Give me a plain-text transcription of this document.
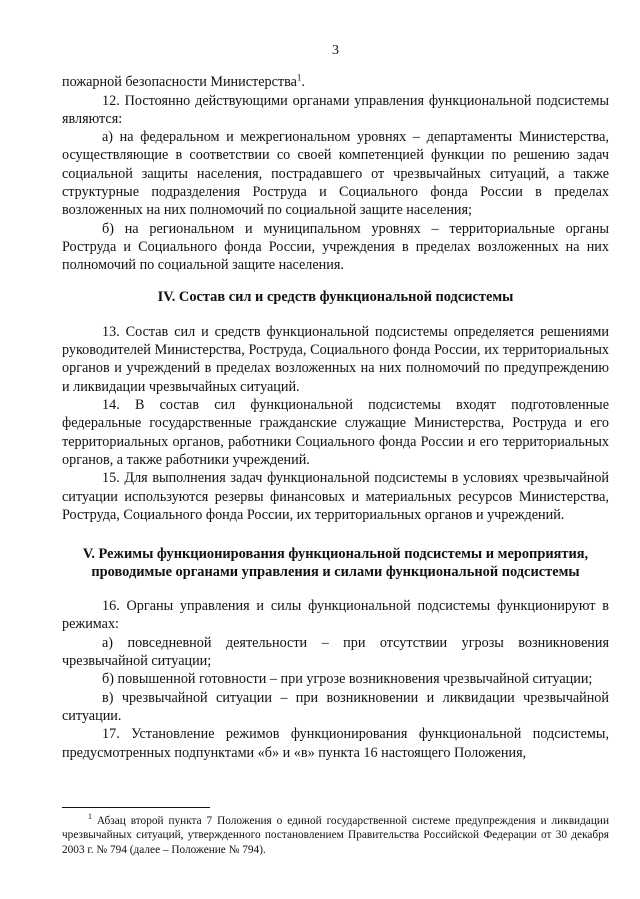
3

пожарной безопасности Министерства$^1$.

12. Постоянно действующими органами управления функциональной подсистемы являются:

а) на федеральном и межрегиональном уровнях – департаменты Министерства, осуществляющие в соответствии со своей компетенцией функции по решению задач социальной защиты населения, пострадавшего от чрезвычайных ситуаций, а также структурные подразделения Роструда и Социального фонда России в пределах возложенных на них полномочий по социальной защите населения;

б) на региональном и муниципальном уровнях – территориальные органы Роструда и Социального фонда России, учреждения в пределах возложенных на них полномочий по социальной защите населения.

IV. Состав сил и средств функциональной подсистемы

13. Состав сил и средств функциональной подсистемы определяется решениями руководителей Министерства, Роструда, Социального фонда России, их территориальных органов и учреждений в пределах возложенных на них полномочий по предупреждению и ликвидации чрезвычайных ситуаций.

14. В состав сил функциональной подсистемы входят подготовленные федеральные государственные гражданские служащие Министерства, Роструда и его территориальных органов, работники Социального фонда России и его территориальных органов, а также работники учреждений.

15. Для выполнения задач функциональной подсистемы в условиях чрезвычайной ситуации используются резервы финансовых и материальных ресурсов Министерства, Роструда, Социального фонда России, их территориальных органов и учреждений.

V. Режимы функционирования функциональной подсистемы и мероприятия,
проводимые органами управления и силами функциональной подсистемы

16. Органы управления и силы функциональной подсистемы функционируют в режимах:

а) повседневной деятельности – при отсутствии угрозы возникновения чрезвычайной ситуации;

б) повышенной готовности – при угрозе возникновения чрезвычайной ситуации;

в) чрезвычайной ситуации – при возникновении и ликвидации чрезвычайной ситуации.

17. Установление режимов функционирования функциональной подсистемы, предусмотренных подпунктами «б» и «в» пункта 16 настоящего Положения,

$^1$ Абзац второй пункта 7 Положения о единой государственной системе предупреждения и ликвидации чрезвычайных ситуаций, утвержденного постановлением Правительства Российской Федерации от 30 декабря 2003 г. № 794 (далее – Положение № 794).
